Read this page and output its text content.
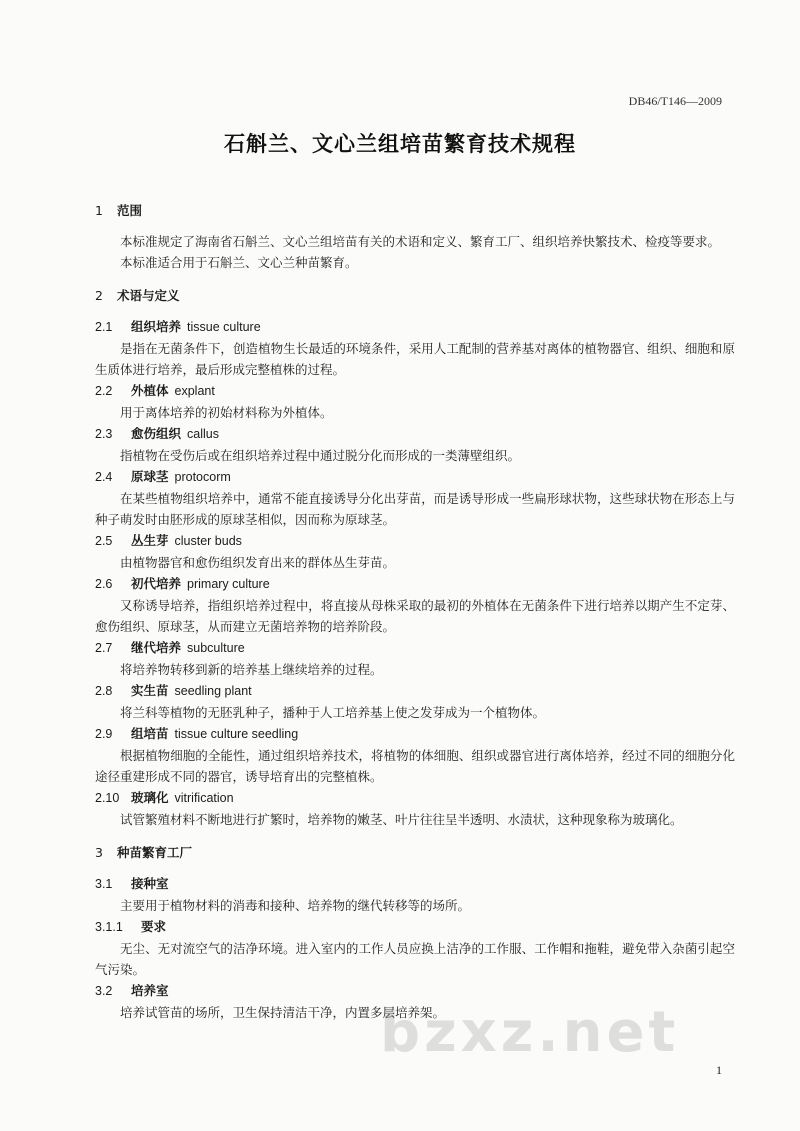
DB46/T146—2009
石斛兰、文心兰组培苗繁育技术规程
1 范围

本标准规定了海南省石斛兰、文心兰组培苗有关的术语和定义、繁育工厂、组织培养快繁技术、检疫等要求。

本标准适合用于石斛兰、文心兰种苗繁育。

2 术语与定义
2.1 组织培养 tissue culture

是指在无菌条件下，创造植物生长最适的环境条件，采用人工配制的营养基对离体的植物器官、组织、细胞和原生质体进行培养，最后形成完整植株的过程。

2.2 外植体 explant

用于离体培养的初始材料称为外植体。

2.3 愈伤组织 callus

指植物在受伤后或在组织培养过程中通过脱分化而形成的一类薄壁组织。

2.4 原球茎 protocorm

在某些植物组织培养中，通常不能直接诱导分化出芽苗，而是诱导形成一些扁形球状物，这些球状物在形态上与种子萌发时由胚形成的原球茎相似，因而称为原球茎。

2.5 丛生芽 cluster buds

由植物器官和愈伤组织发育出来的群体丛生芽苗。

2.6 初代培养 primary culture

又称诱导培养，指组织培养过程中，将直接从母株采取的最初的外植体在无菌条件下进行培养以期产生不定芽、愈伤组织、原球茎，从而建立无菌培养物的培养阶段。

2.7 继代培养 subculture

将培养物转移到新的培养基上继续培养的过程。

2.8 实生苗 seedling plant

将兰科等植物的无胚乳种子，播种于人工培养基上使之发芽成为一个植物体。

2.9 组培苗 tissue culture seedling

根据植物细胞的全能性，通过组织培养技术，将植物的体细胞、组织或器官进行离体培养，经过不同的细胞分化途径重建形成不同的器官，诱导培育出的完整植株。

2.10 玻璃化 vitrification

试管繁殖材料不断地进行扩繁时，培养物的嫩茎、叶片往往呈半透明、水渍状，这种现象称为玻璃化。

3 种苗繁育工厂
3.1 接种室

主要用于植物材料的消毒和接种、培养物的继代转移等的场所。

3.1.1 要求

无尘、无对流空气的洁净环境。进入室内的工作人员应换上洁净的工作服、工作帽和拖鞋，避免带入杂菌引起空气污染。

3.2 培养室

培养试管苗的场所，卫生保持清洁干净，内置多层培养架。

bzxz.net
1
